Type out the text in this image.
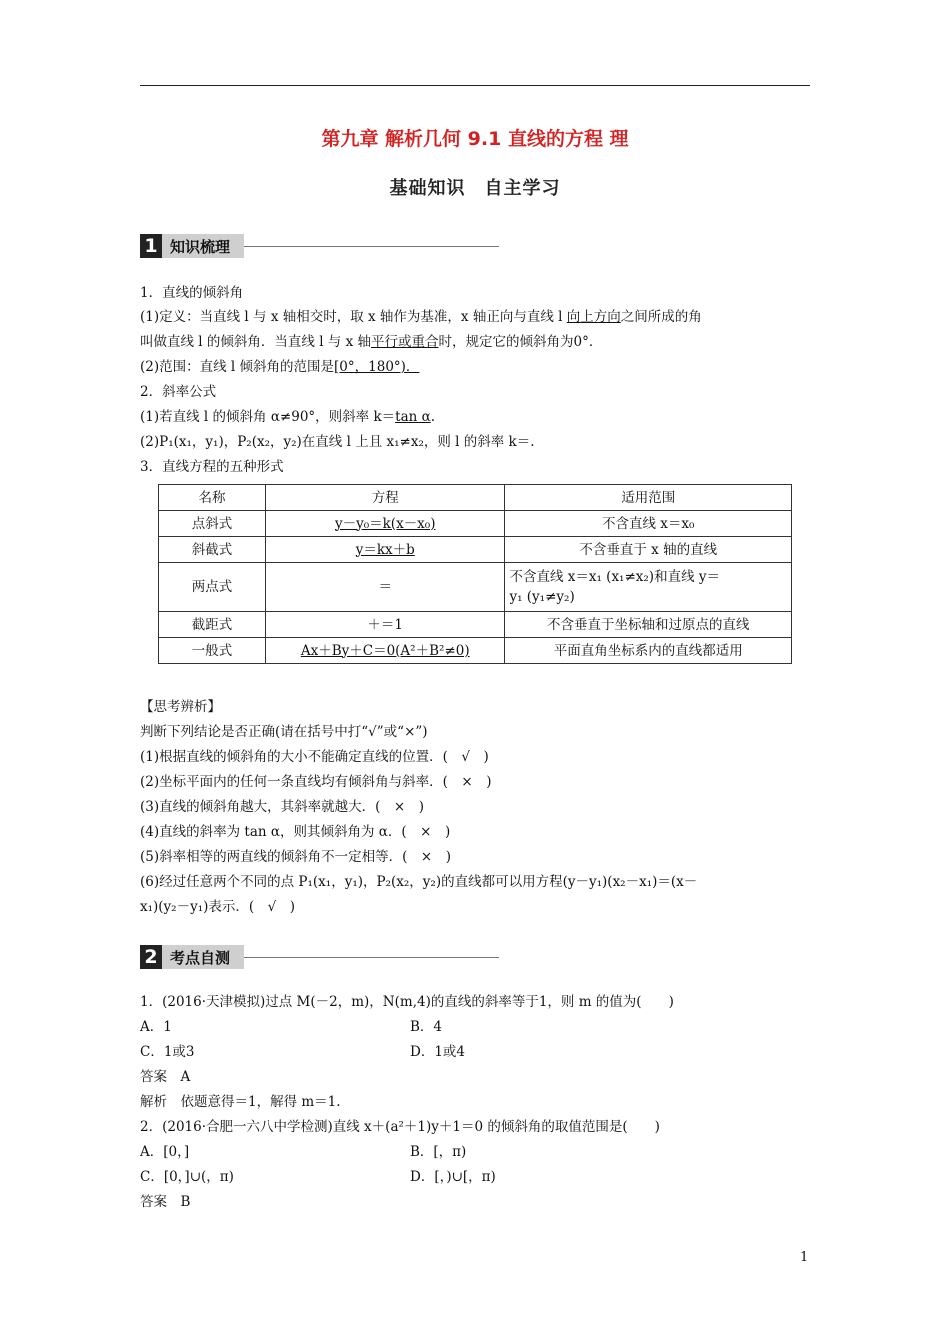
第九章 解析几何 9.1 直线的方程 理
基础知识　自主学习
1 知识梳理
1．直线的倾斜角
(1)定义：当直线 l 与 x 轴相交时，取 x 轴作为基准，x 轴正向与直线 l 向上方向之间所成的角
叫做直线 l 的倾斜角．当直线 l 与 x 轴平行或重合时，规定它的倾斜角为0°．
(2)范围：直线 l 倾斜角的范围是[0°，180°)．
2．斜率公式
(1)若直线 l 的倾斜角 α≠90°，则斜率 k＝tan α.
(2)P₁(x₁，y₁)，P₂(x₂，y₂)在直线 l 上且 x₁≠x₂，则 l 的斜率 k＝.
3．直线方程的五种形式
名称	方程	适用范围
点斜式	y－y₀＝k(x－x₀)	不含直线 x＝x₀
斜截式	y＝kx＋b	不含垂直于 x 轴的直线
两点式	＝	不含直线 x＝x₁ (x₁≠x₂)和直线 y＝
y₁ (y₁≠y₂)

截距式	＋＝1	不含垂直于坐标轴和过原点的直线
一般式	Ax＋By＋C＝0(A²＋B²≠0)	平面直角坐标系内的直线都适用
【思考辨析】
判断下列结论是否正确(请在括号中打“√”或“×”)
(1)根据直线的倾斜角的大小不能确定直线的位置．(　√　)
(2)坐标平面内的任何一条直线均有倾斜角与斜率．(　×　)
(3)直线的倾斜角越大，其斜率就越大．(　×　)
(4)直线的斜率为 tan α，则其倾斜角为 α．(　×　)
(5)斜率相等的两直线的倾斜角不一定相等．(　×　)
(6)经过任意两个不同的点 P₁(x₁，y₁)，P₂(x₂，y₂)的直线都可以用方程(y－y₁)(x₂－x₁)＝(x－
x₁)(y₂－y₁)表示．(　√　)
2 考点自测
1．(2016·天津模拟)过点 M(－2，m)，N(m,4)的直线的斜率等于1，则 m 的值为(　　)
A．1	B．4
C．1或3	D．1或4
答案　A
解析　依题意得＝1，解得 m＝1.
2．(2016·合肥一六八中学检测)直线 x＋(a²＋1)y＋1＝0 的倾斜角的取值范围是(　　)
A．[0，]	B．[，π)
C．[0，]∪(，π)	D．[，)∪[，π)
答案　B
1
